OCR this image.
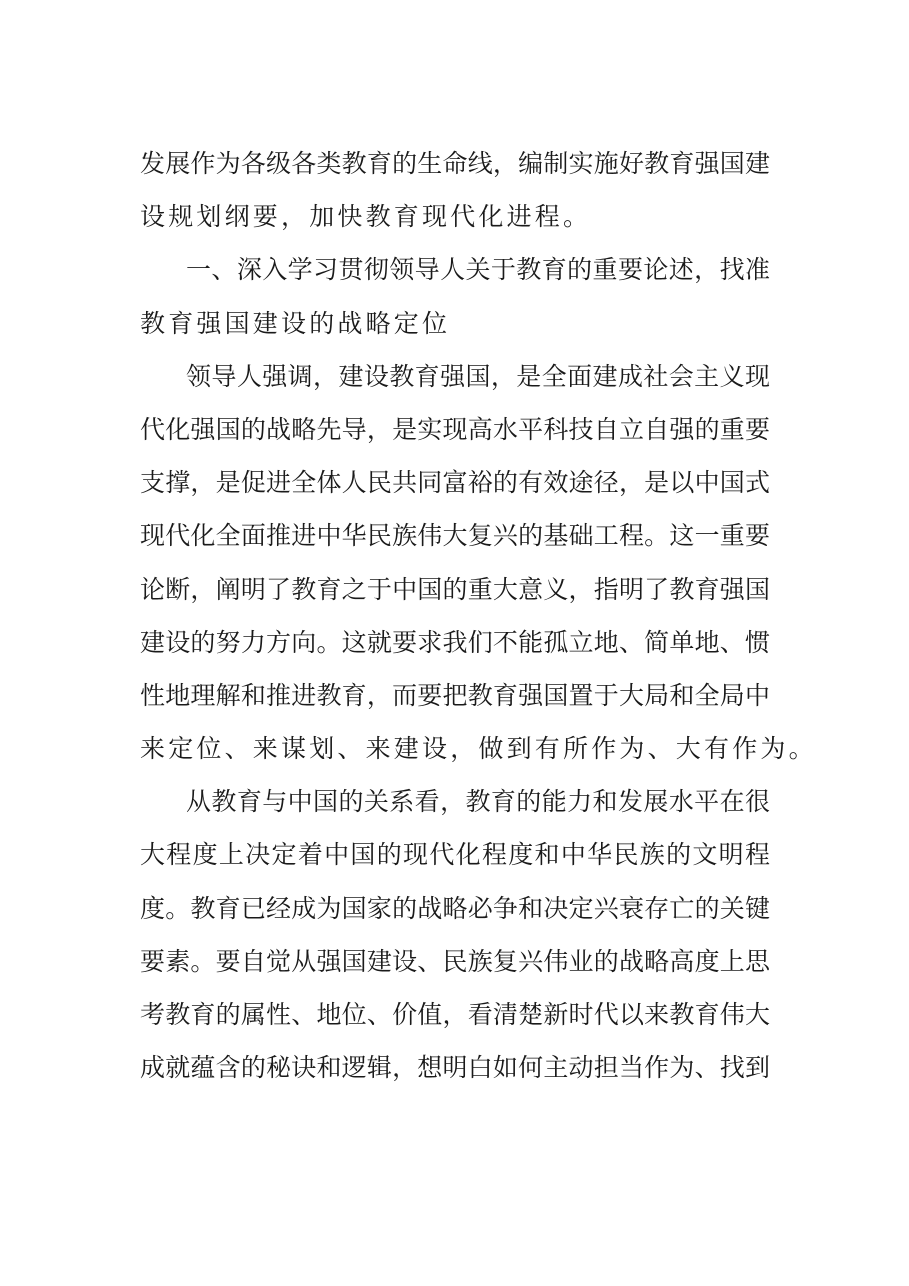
发展作为各级各类教育的生命线，编制实施好教育强国建
设规划纲要，加快教育现代化进程。
一、深入学习贯彻领导人关于教育的重要论述，找准
教育强国建设的战略定位
领导人强调，建设教育强国，是全面建成社会主义现
代化强国的战略先导，是实现高水平科技自立自强的重要
支撑，是促进全体人民共同富裕的有效途径，是以中国式
现代化全面推进中华民族伟大复兴的基础工程。这一重要
论断，阐明了教育之于中国的重大意义，指明了教育强国
建设的努力方向。这就要求我们不能孤立地、简单地、惯
性地理解和推进教育，而要把教育强国置于大局和全局中
来定位、来谋划、来建设，做到有所作为、大有作为。
从教育与中国的关系看，教育的能力和发展水平在很
大程度上决定着中国的现代化程度和中华民族的文明程
度。教育已经成为国家的战略必争和决定兴衰存亡的关键
要素。要自觉从强国建设、民族复兴伟业的战略高度上思
考教育的属性、地位、价值，看清楚新时代以来教育伟大
成就蕴含的秘诀和逻辑，想明白如何主动担当作为、找到
